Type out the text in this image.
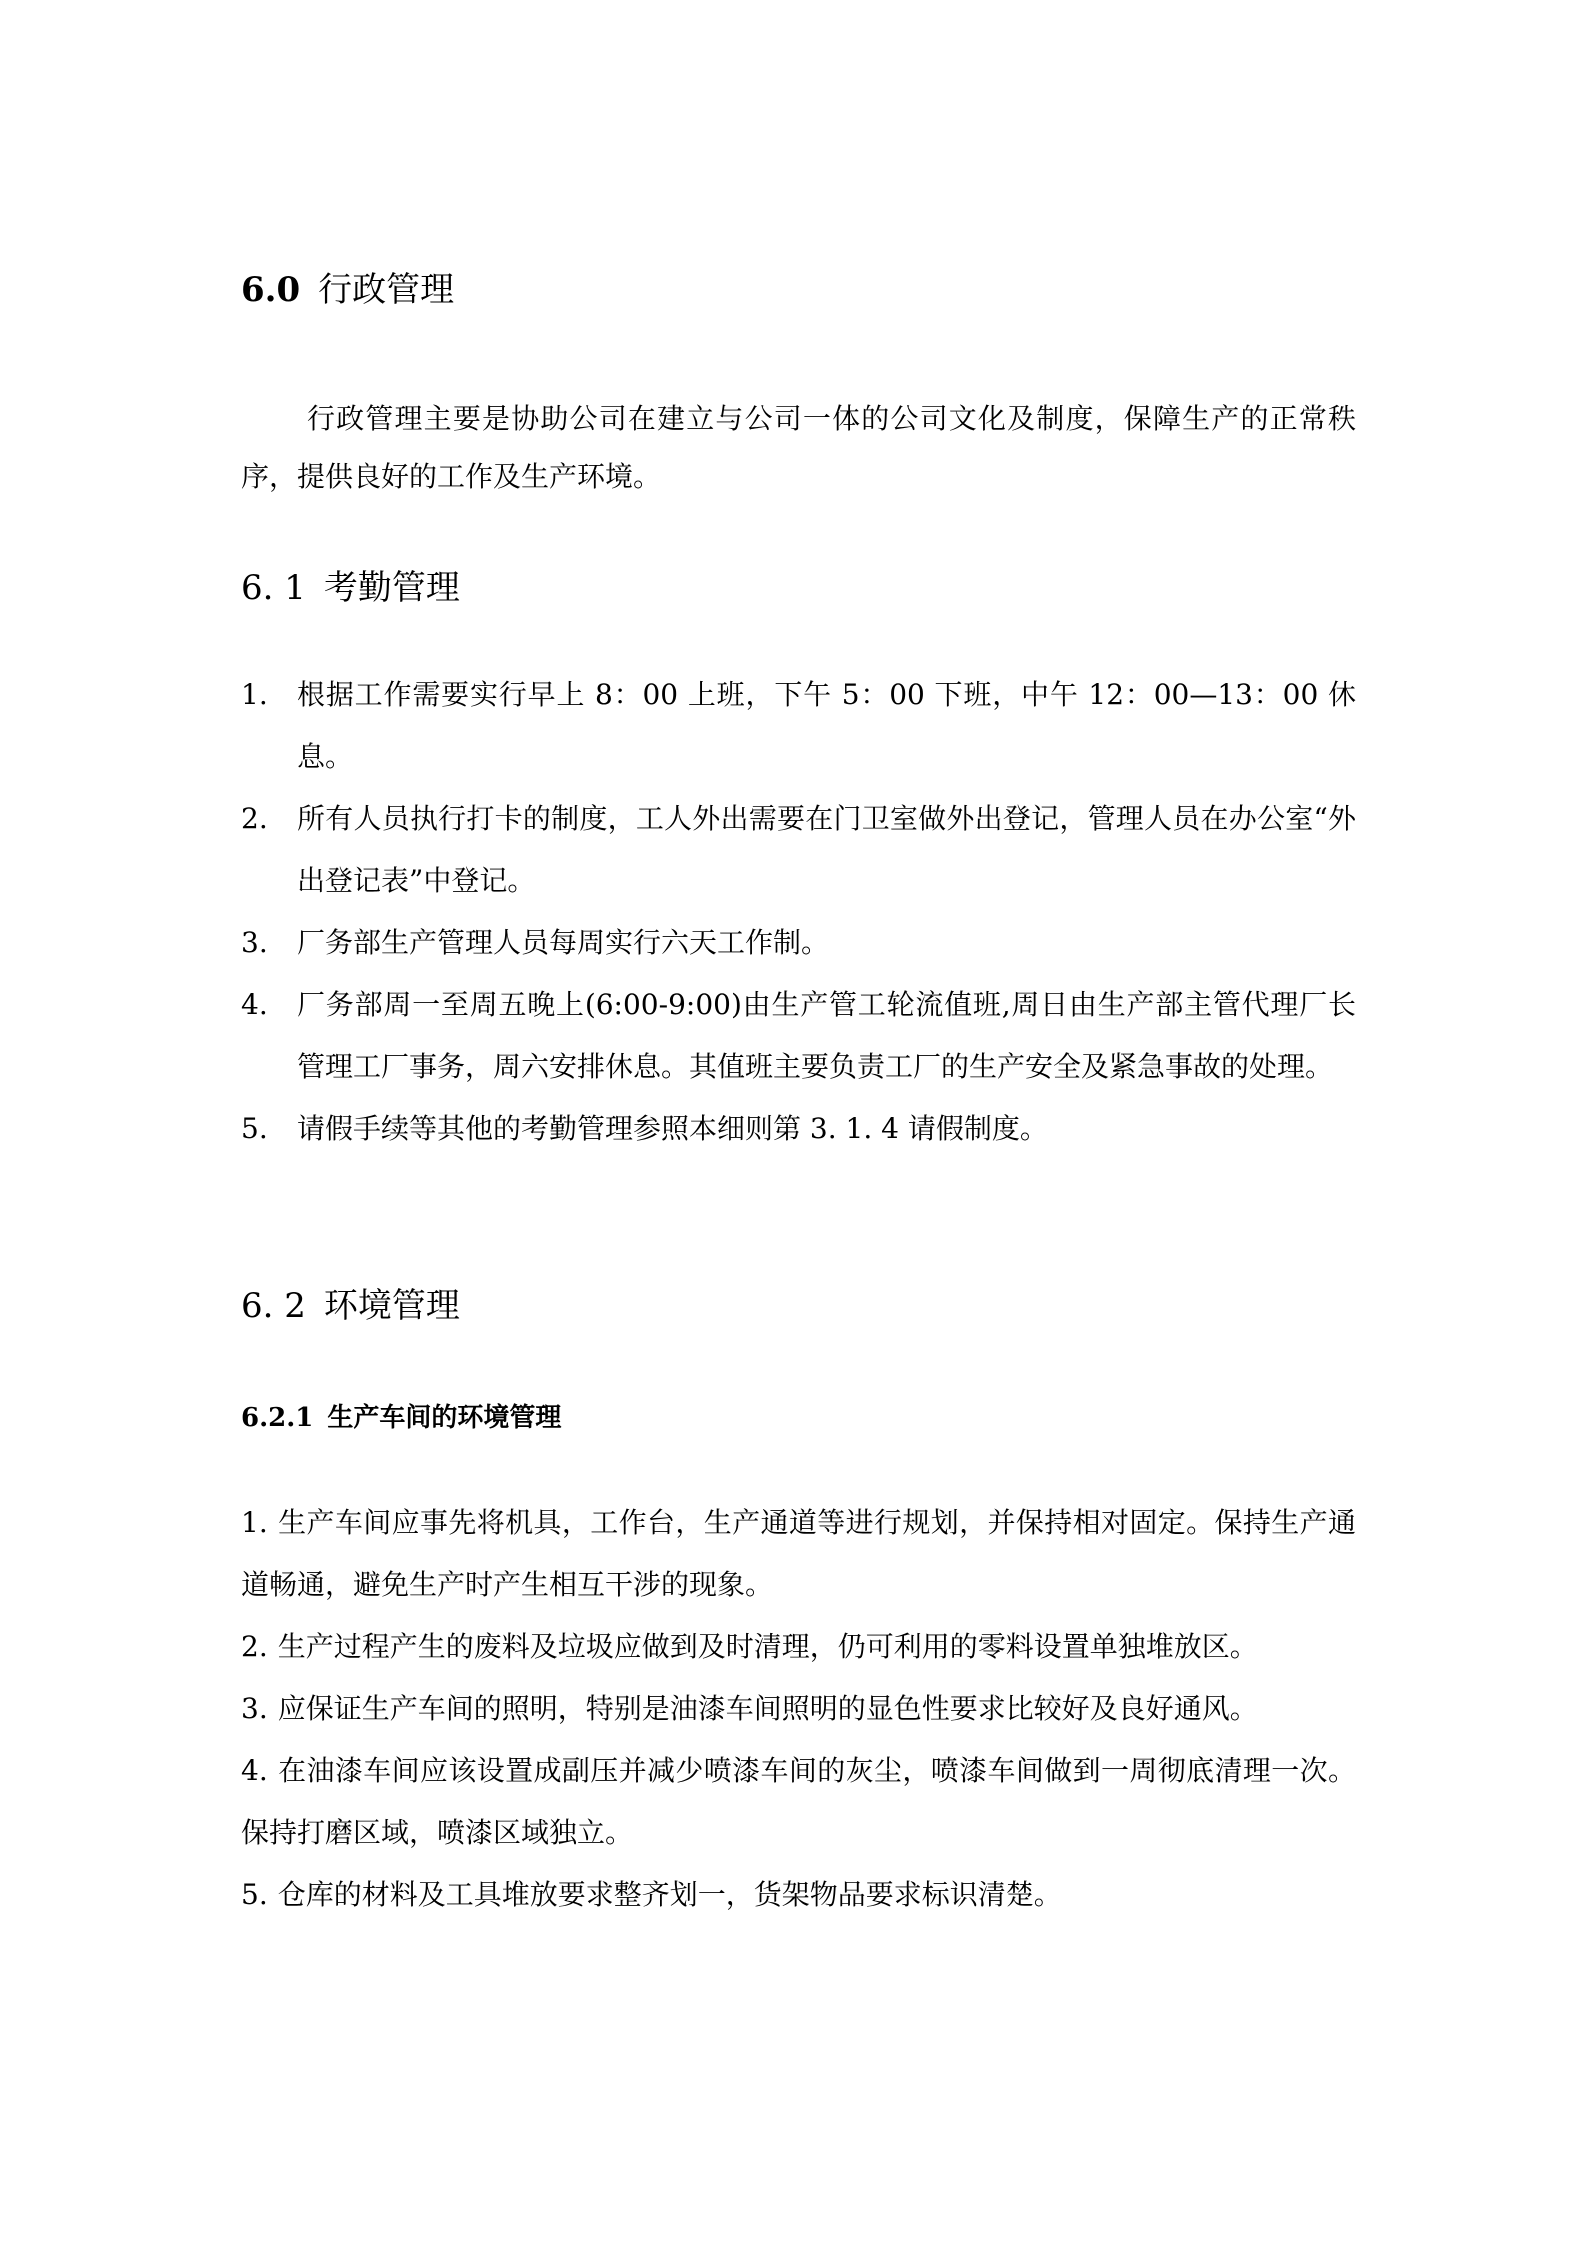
6.0 行政管理

行政管理主要是协助公司在建立与公司一体的公司文化及制度，保障生产的正常秩序，提供良好的工作及生产环境。

6. 1 考勤管理
1. 根据工作需要实行早上 8：00 上班，下午 5：00 下班，中午 12：00—13：00 休息。
2. 所有人员执行打卡的制度，工人外出需要在门卫室做外出登记，管理人员在办公室“外出登记表”中登记。
3. 厂务部生产管理人员每周实行六天工作制。
4. 厂务部周一至周五晚上(6:00-9:00)由生产管工轮流值班,周日由生产部主管代理厂长管理工厂事务，周六安排休息。其值班主要负责工厂的生产安全及紧急事故的处理。
5. 请假手续等其他的考勤管理参照本细则第 3. 1. 4 请假制度。
6. 2 环境管理
6.2.1 生产车间的环境管理
1. 生产车间应事先将机具，工作台，生产通道等进行规划，并保持相对固定。保持生产通道畅通，避免生产时产生相互干涉的现象。
2. 生产过程产生的废料及垃圾应做到及时清理，仍可利用的零料设置单独堆放区。
3. 应保证生产车间的照明，特别是油漆车间照明的显色性要求比较好及良好通风。
4. 在油漆车间应该设置成副压并减少喷漆车间的灰尘，喷漆车间做到一周彻底清理一次。保持打磨区域，喷漆区域独立。
5. 仓库的材料及工具堆放要求整齐划一，货架物品要求标识清楚。
